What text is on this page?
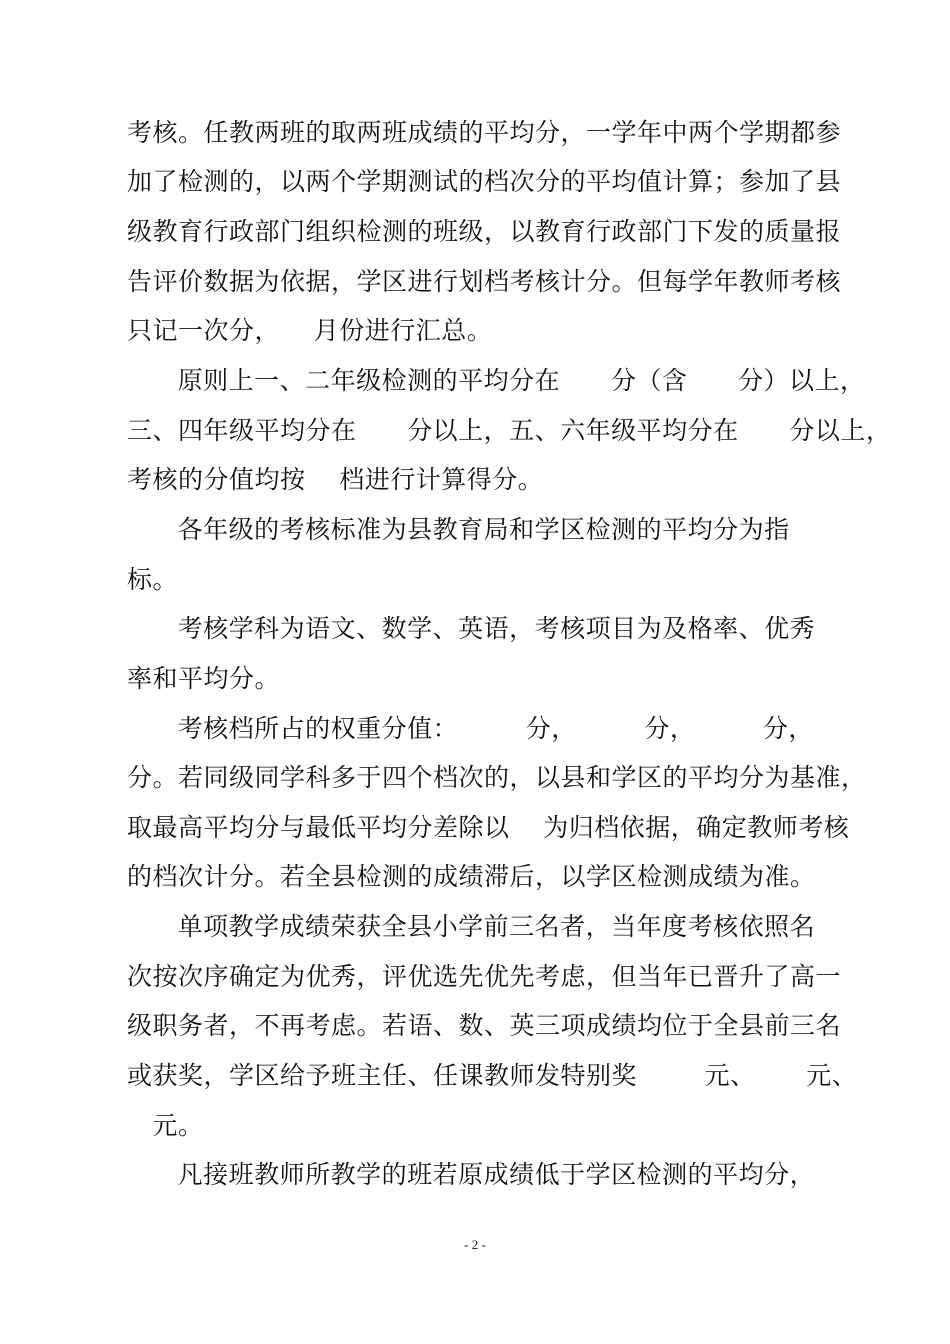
考核。任教两班的取两班成绩的平均分，一学年中两个学期都参
加了检测的，以两个学期测试的档次分的平均值计算；参加了县
级教育行政部门组织检测的班级，以教育行政部门下发的质量报
告评价数据为依据，学区进行划档考核计分。但每学年教师考核
只记一次分，    月份进行汇总。
原则上一、二年级检测的平均分在      分（含      分）以上，
三、四年级平均分在      分以上，五、六年级平均分在      分以上，
考核的分值均按    档进行计算得分。
各年级的考核标准为县教育局和学区检测的平均分为指
标。
考核学科为语文、数学、英语，考核项目为及格率、优秀
率和平均分。
考核档所占的权重分值：        分，        分，        分，
分。若同级同学科多于四个档次的，以县和学区的平均分为基准，
取最高平均分与最低平均分差除以    为归档依据，确定教师考核
的档次计分。若全县检测的成绩滞后，以学区检测成绩为准。
单项教学成绩荣获全县小学前三名者，当年度考核依照名
次按次序确定为优秀，评优选先优先考虑，但当年已晋升了高一
级职务者，不再考虑。若语、数、英三项成绩均位于全县前三名
或获奖，学区给予班主任、任课教师发特别奖        元、      元、
元。
凡接班教师所教学的班若原成绩低于学区检测的平均分，
- 2 -
